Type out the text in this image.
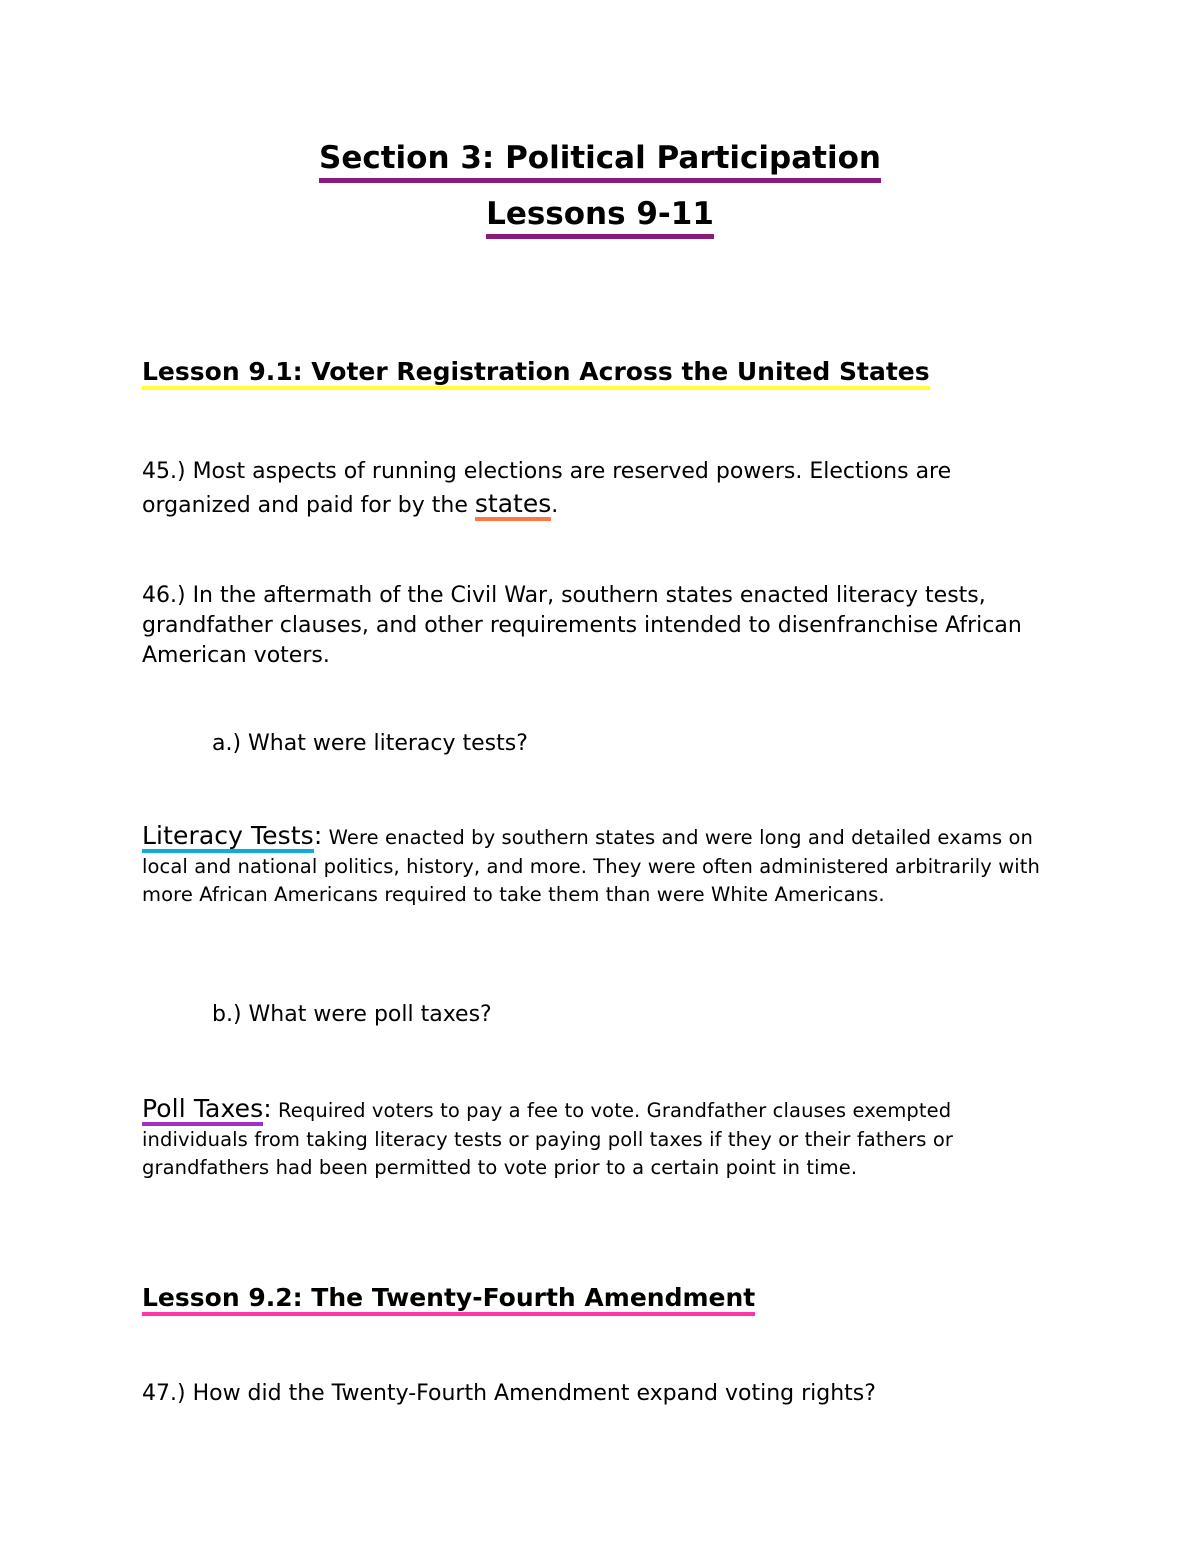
Section 3: Political Participation
Lessons 9-11
Lesson 9.1: Voter Registration Across the United States

45.) Most aspects of running elections are reserved powers. Elections are organized and paid for by the states.

46.) In the aftermath of the Civil War, southern states enacted literacy tests, grandfather clauses, and other requirements intended to disenfranchise African American voters.

a.) What were literacy tests?

Literacy Tests: Were enacted by southern states and were long and detailed exams on local and national politics, history, and more. They were often administered arbitrarily with more African Americans required to take them than were White Americans.

b.) What were poll taxes?

Poll Taxes: Required voters to pay a fee to vote. Grandfather clauses exempted individuals from taking literacy tests or paying poll taxes if they or their fathers or grandfathers had been permitted to vote prior to a certain point in time.

Lesson 9.2: The Twenty-Fourth Amendment

47.) How did the Twenty-Fourth Amendment expand voting rights?
